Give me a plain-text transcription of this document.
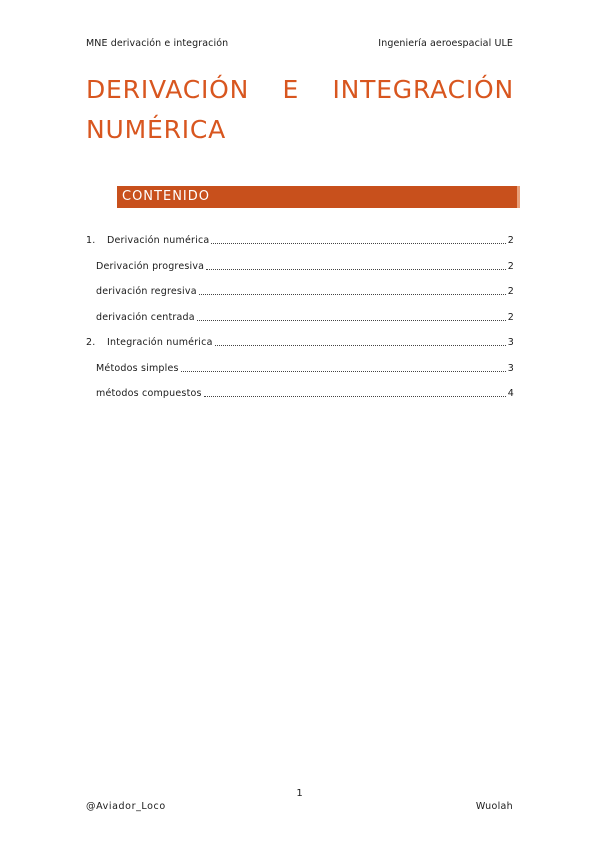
MNE derivación e integración	Ingeniería aeroespacial ULE
DERIVACIÓN E INTEGRACIÓN NUMÉRICA
CONTENIDO
1.	Derivación numérica	2
Derivación progresiva	2
derivación regresiva	2
derivación centrada	2
2.	Integración numérica	3
Métodos simples	3
métodos compuestos	4
1
@Aviador_Loco	Wuolah
